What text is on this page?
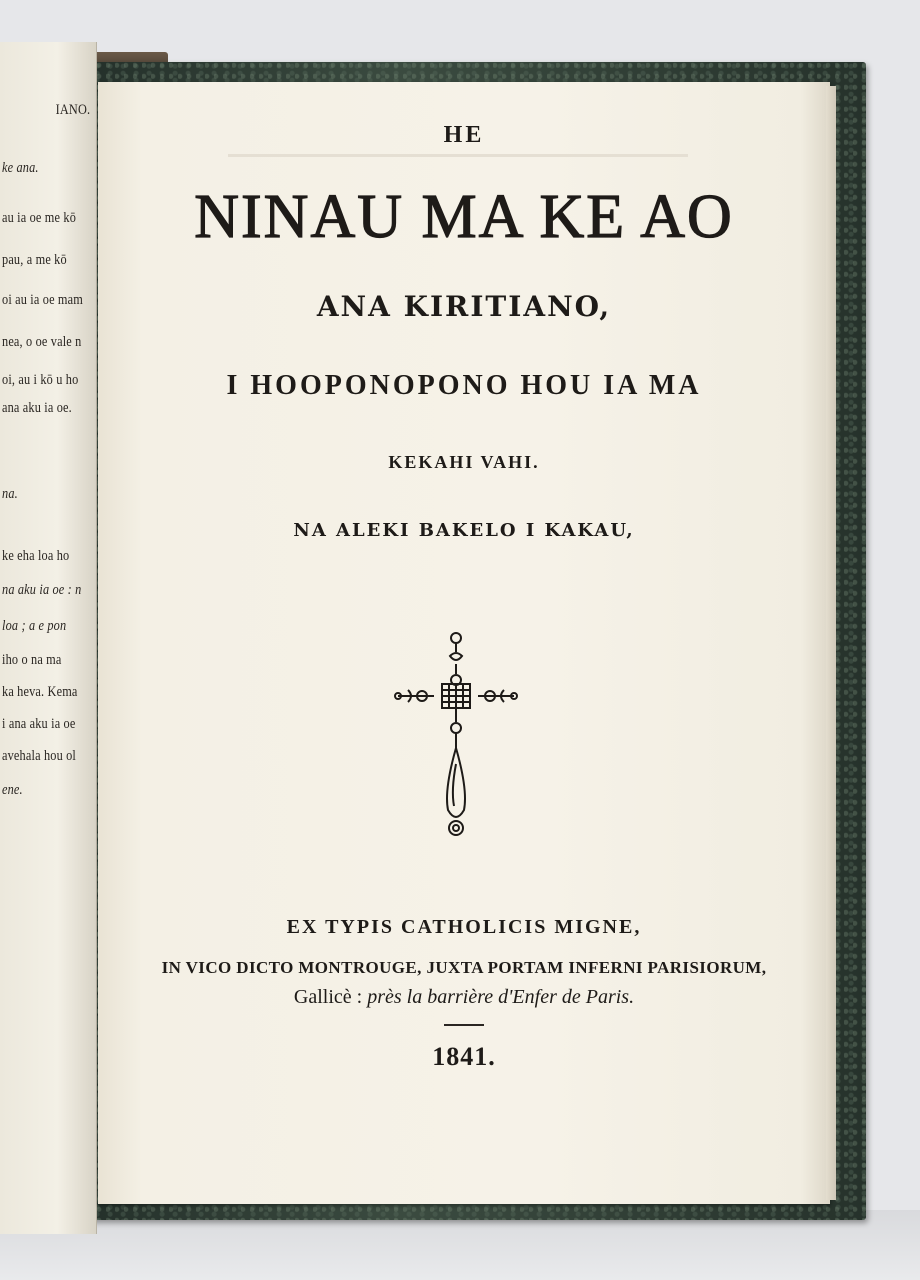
IANO.
ke ana.
au ia oe me kō
pau, a me kō
oi au ia oe mam
nea, o oe vale n
oi, au i kō u ho
ana aku ia oe.
na.
ke eha loa ho
na aku ia oe : n
loa ; a e pon
iho o na ma
ka heva. Kema
i ana aku ia oe
avehala hou ol
ene.
HE
NINAU MA KE AO
ANA KIRITIANO,
I HOOPONOPONO HOU IA MA
KEKAHI VAHI.
NA ALEKI BAKELO I KAKAU,
EX TYPIS CATHOLICIS MIGNE,
IN VICO DICTO MONTROUGE, JUXTA PORTAM INFERNI PARISIORUM,
Gallicè : près la barrière d'Enfer de Paris.
1841.
